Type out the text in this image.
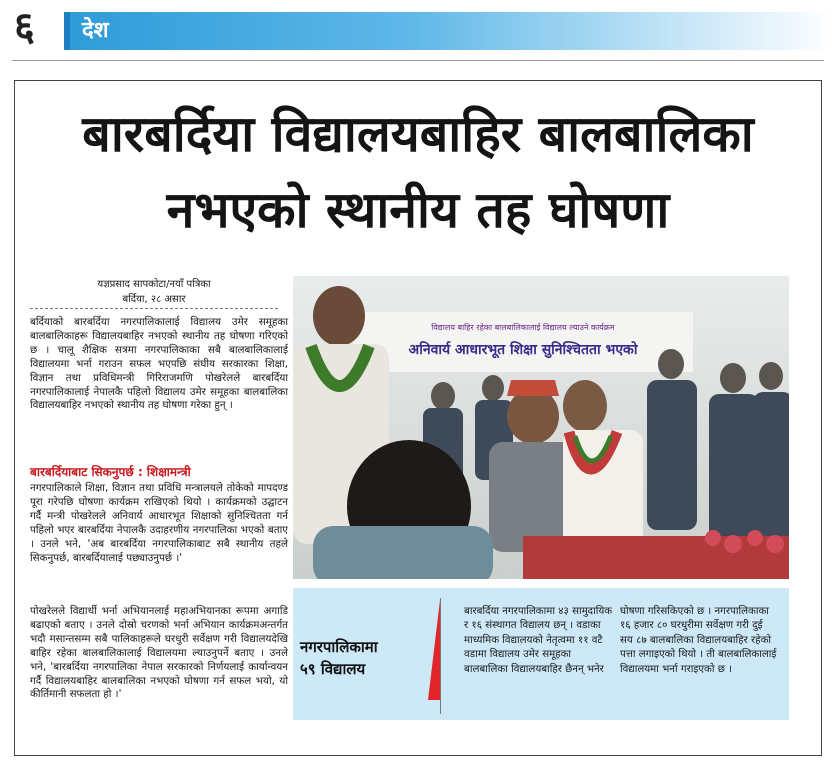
६	देश
बारबर्दिया विद्यालयबाहिर बालबालिका
नभएको स्थानीय तह घोषणा
यज्ञप्रसाद सापकोटा/नयाँ पत्रिका
बर्दिया, २८ असार

बर्दियाको बारबर्दिया नगरपालिकालाई विद्यालय उमेर समूहका बालबालिकाहरू विद्यालयबाहिर नभएको स्थानीय तह घोषणा गरिएको छ । चालू शैक्षिक सत्रमा नगरपालिकाका सबै बालबालिकालाई विद्यालयमा भर्ना गराउन सफल भएपछि संघीय सरकारका शिक्षा, विज्ञान तथा प्रविधिमन्त्री गिरिराजमणि पोखरेलले बारबर्दिया नगरपालिकालाई नेपालकै पहिलो विद्यालय उमेर समूहका बालबालिका विद्यालयबाहिर नभएको स्थानीय तह घोषणा गरेका हुन् ।

बारबर्दियाबाट सिकनुपर्छ : शिक्षामन्त्री

नगरपालिकाले शिक्षा, विज्ञान तथा प्रविधि मन्त्रालयले तोकेको मापदण्ड पूरा गरेपछि घोषणा कार्यक्रम राखिएको थियो । कार्यक्रमको उद्घाटन गर्दै मन्त्री पोखरेलले अनिवार्य आधारभूत शिक्षाको सुनिश्चितता गर्न पहिलो भएर बारबर्दिया नेपालकै उदाहरणीय नगरपालिका भएको बताए । उनले भने, 'अब बारबर्दिया नगरपालिकाबाट सबै स्थानीय तहले सिकनुपर्छ, बारबर्दियालाई पछ्याउनुपर्छ ।'

पोखरेलले विद्यार्थी भर्ना अभियानलाई महाअभियानका रूपमा अगाडि बढाएको बताए । उनले दोस्रो चरणको भर्ना अभियान कार्यक्रमअन्तर्गत भदौ मसान्तसम्म सबै पालिकाहरूले घरधुरी सर्वेक्षण गरी विद्यालयदेखि बाहिर रहेका बालबालिकालाई विद्यालयमा ल्याउनुपर्ने बताए । उनले भने, 'बारबर्दिया नगरपालिका नेपाल सरकारको निर्णयलाई कार्यान्वयन गर्दै विद्यालयबाहिर बालबालिका नभएको घोषणा गर्न सफल भयो, यो कीर्तिमानी सफलता हो ।'

विद्यालय बाहिर रहेका बालबालिकालाई विद्यालय ल्याउने कार्यक्रम
अनिवार्य आधारभूत शिक्षा सुनिश्चितता भएको
नगरपालिकामा
५९ विद्यालय

बारबर्दिया नगरपालिकामा ४३ सामुदायिक र १६ संस्थागत विद्यालय छन् । वडाका माध्यमिक विद्यालयको नेतृत्वमा ११ वटै वडामा विद्यालय उमेर समूहका बालबालिका विद्यालयबाहिर छैनन् भनेर

घोषणा गरिसकिएको छ । नगरपालिकाका १६ हजार ८० घरधुरीमा सर्वेक्षण गरी दुई सय ८७ बालबालिका विद्यालयबाहिर रहेको पत्ता लगाइएको थियो । ती बालबालिकालाई विद्यालयमा भर्ना गराइएको छ ।
